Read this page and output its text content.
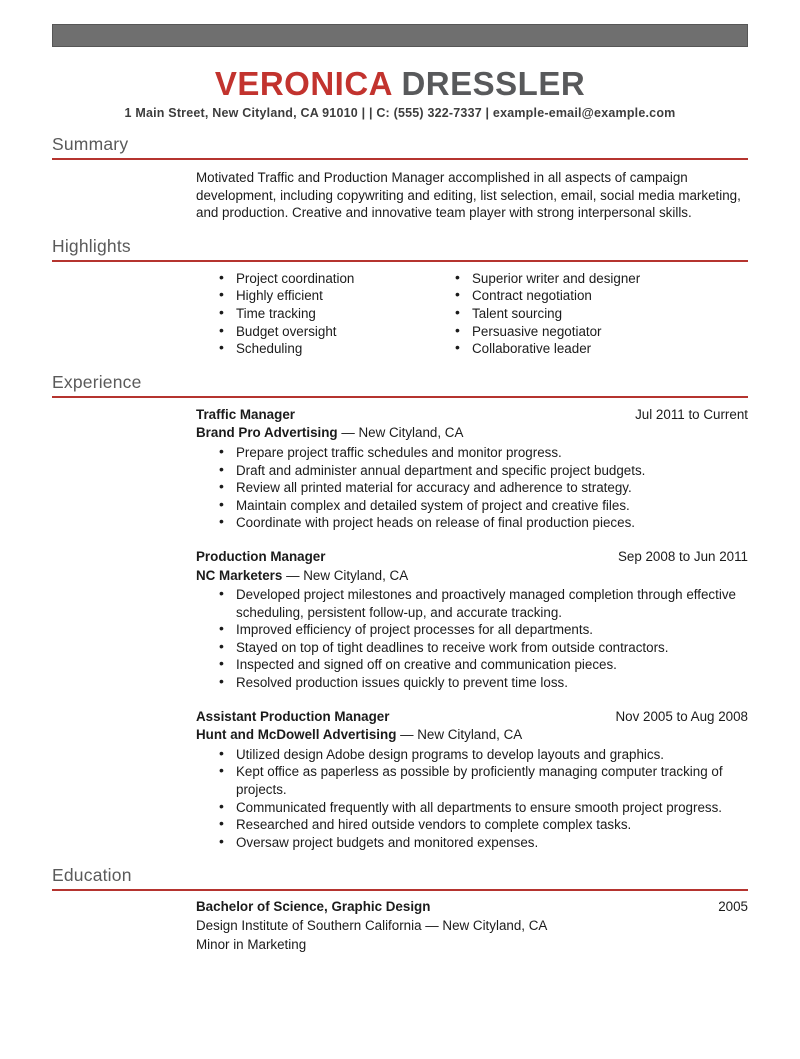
VERONICA DRESSLER
1 Main Street, New Cityland, CA 91010 | | C: (555) 322-7337 | example-email@example.com
Summary
Motivated Traffic and Production Manager accomplished in all aspects of campaign development, including copywriting and editing, list selection, email, social media marketing, and production. Creative and innovative team player with strong interpersonal skills.
Highlights
• Project coordination
• Highly efficient
• Time tracking
• Budget oversight
• Scheduling
• Superior writer and designer
• Contract negotiation
• Talent sourcing
• Persuasive negotiator
• Collaborative leader
Experience
Traffic Manager	Jul 2011 to Current
Brand Pro Advertising — New Cityland, CA
• Prepare project traffic schedules and monitor progress.
• Draft and administer annual department and specific project budgets.
• Review all printed material for accuracy and adherence to strategy.
• Maintain complex and detailed system of project and creative files.
• Coordinate with project heads on release of final production pieces.
Production Manager	Sep 2008 to Jun 2011
NC Marketers — New Cityland, CA
• Developed project milestones and proactively managed completion through effective scheduling, persistent follow-up, and accurate tracking.
• Improved efficiency of project processes for all departments.
• Stayed on top of tight deadlines to receive work from outside contractors.
• Inspected and signed off on creative and communication pieces.
• Resolved production issues quickly to prevent time loss.
Assistant Production Manager	Nov 2005 to Aug 2008
Hunt and McDowell Advertising — New Cityland, CA
• Utilized design Adobe design programs to develop layouts and graphics.
• Kept office as paperless as possible by proficiently managing computer tracking of projects.
• Communicated frequently with all departments to ensure smooth project progress.
• Researched and hired outside vendors to complete complex tasks.
• Oversaw project budgets and monitored expenses.
Education
Bachelor of Science, Graphic Design	2005
Design Institute of Southern California — New Cityland, CA
Minor in Marketing
